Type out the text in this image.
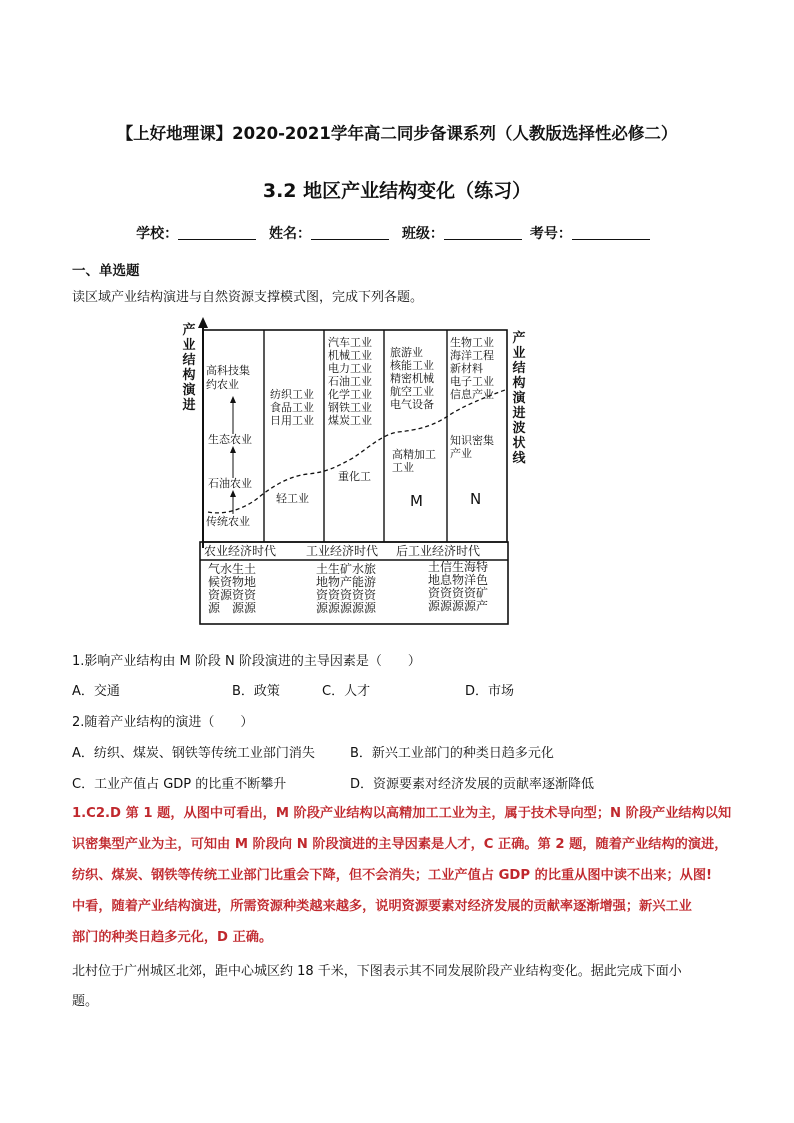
【上好地理课】2020-2021学年高二同步备课系列（人教版选择性必修二）
3.2 地区产业结构变化（练习）
学校：	姓名：	班级：	考号：
一、单选题
读区域产业结构演进与自然资源支撑模式图，完成下列各题。
产
业
结
构
演
进
产
业
结
构
演
进
波
状
线
高科技集
约农业
生态农业
石油农业
传统农业
纺织工业
食品工业
日用工业
轻工业
汽车工业
机械工业
电力工业
石油工业
化学工业
钢铁工业
煤炭工业
重化工
旅游业
核能工业
精密机械
航空工业
电气设备
高精加工
工业
M
生物工业
海洋工程
新材料
电子工业
信息产业
知识密集
产业
N
农业经济时代 工业经济时代 后工业经济时代
气水生土
候资物地
资源资资
源　源源
土生矿水旅
地物产能游
资资资资资
源源源源源
土信生海特
地息物洋色
资资资资矿
源源源源产
1.影响产业结构由 M 阶段 N 阶段演进的主导因素是（　　）
A．交通	B．政策	C．人才	D．市场
2.随着产业结构的演进（　　）
A．纺织、煤炭、钢铁等传统工业部门消失	B．新兴工业部门的种类日趋多元化
C．工业产值占 GDP 的比重不断攀升	D．资源要素对经济发展的贡献率逐渐降低
1.C2.D 第 1 题，从图中可看出，M 阶段产业结构以高精加工工业为主，属于技术导向型；N 阶段产业结构以知
识密集型产业为主，可知由 M 阶段向 N 阶段演进的主导因素是人才，C 正确。第 2 题，随着产业结构的演进，
纺织、煤炭、钢铁等传统工业部门比重会下降，但不会消失；工业产值占 GDP 的比重从图中读不出来；从图!
中看，随着产业结构演进，所需资源种类越来越多，说明资源要素对经济发展的贡献率逐渐增强；新兴工业
部门的种类日趋多元化，D 正确。
北村位于广州城区北郊，距中心城区约 18 千米，下图表示其不同发展阶段产业结构变化。据此完成下面小
题。
